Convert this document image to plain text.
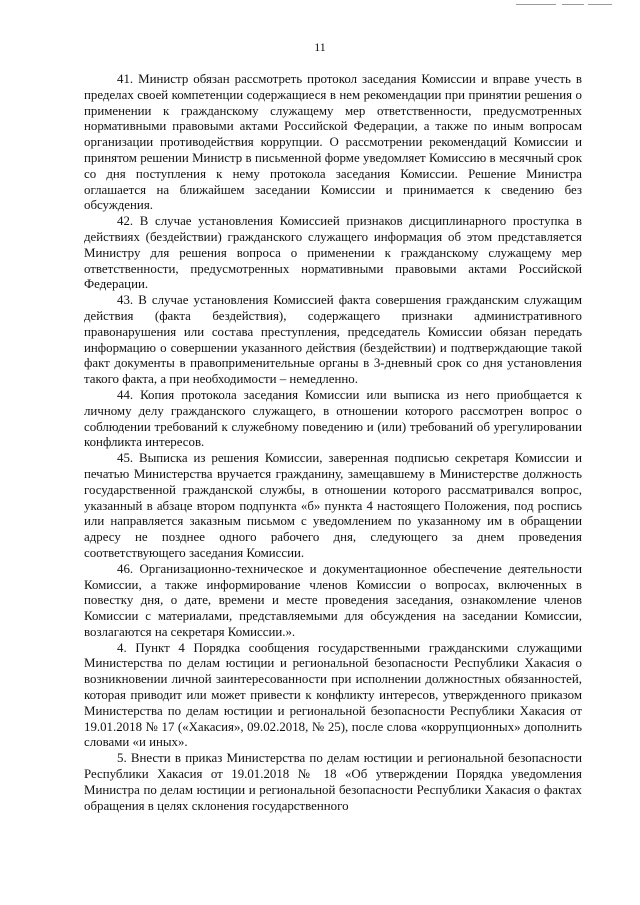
11

41. Министр обязан рассмотреть протокол заседания Комиссии и вправе учесть в пределах своей компетенции содержащиеся в нем рекомендации при принятии решения о применении к гражданскому служащему мер ответственности, предусмотренных нормативными правовыми актами Российской Федерации, а также по иным вопросам организации противодействия коррупции. О рассмотрении рекомендаций Комиссии и принятом решении Министр в письменной форме уведомляет Комиссию в месячный срок со дня поступления к нему протокола заседания Комиссии. Решение Министра оглашается на ближайшем заседании Комиссии и принимается к сведению без обсуждения.

42. В случае установления Комиссией признаков дисциплинарного проступка в действиях (бездействии) гражданского служащего информация об этом представляется Министру для решения вопроса о применении к гражданскому служащему мер ответственности, предусмотренных нормативными правовыми актами Российской Федерации.

43. В случае установления Комиссией факта совершения гражданским служащим действия (факта бездействия), содержащего признаки административного правонарушения или состава преступления, председатель Комиссии обязан передать информацию о совершении указанного действия (бездействии) и подтверждающие такой факт документы в правоприменительные органы в 3-дневный срок со дня установления такого факта, а при необходимости – немедленно.

44. Копия протокола заседания Комиссии или выписка из него приобщается к личному делу гражданского служащего, в отношении которого рассмотрен вопрос о соблюдении требований к служебному поведению и (или) требований об урегулировании конфликта интересов.

45. Выписка из решения Комиссии, заверенная подписью секретаря Комиссии и печатью Министерства вручается гражданину, замещавшему в Министерстве должность государственной гражданской службы, в отношении которого рассматривался вопрос, указанный в абзаце втором подпункта «б» пункта 4 настоящего Положения, под роспись или направляется заказным письмом с уведомлением по указанному им в обращении адресу не позднее одного рабочего дня, следующего за днем проведения соответствующего заседания Комиссии.

46. Организационно-техническое и документационное обеспечение деятельности Комиссии, а также информирование членов Комиссии о вопросах, включенных в повестку дня, о дате, времени и месте проведения заседания, ознакомление членов Комиссии с материалами, представляемыми для обсуждения на заседании Комиссии, возлагаются на секретаря Комиссии.».

4. Пункт 4 Порядка сообщения государственными гражданскими служащими Министерства по делам юстиции и региональной безопасности Республики Хакасия о возникновении личной заинтересованности при исполнении должностных обязанностей, которая приводит или может привести к конфликту интересов, утвержденного приказом Министерства по делам юстиции и региональной безопасности Республики Хакасия от 19.01.2018 № 17 («Хакасия», 09.02.2018, № 25), после слова «коррупционных» дополнить словами «и иных».

5. Внести в приказ Министерства по делам юстиции и региональной безопасности Республики Хакасия от 19.01.2018 № 18 «Об утверждении Порядка уведомления Министра по делам юстиции и региональной безопасности Республики Хакасия о фактах обращения в целях склонения государственного
